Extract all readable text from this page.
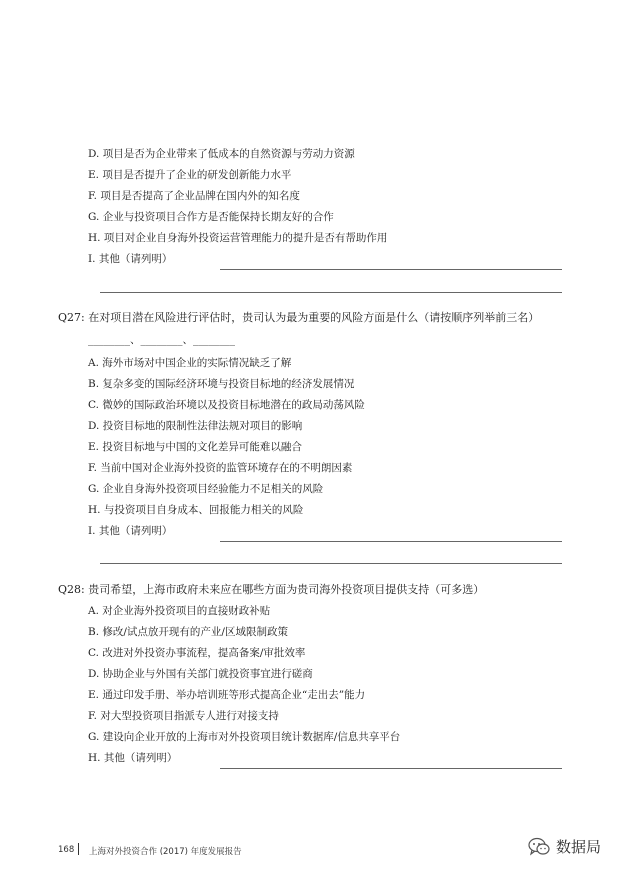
D. 项目是否为企业带来了低成本的自然资源与劳动力资源
E. 项目是否提升了企业的研发创新能力水平
F. 项目是否提高了企业品牌在国内外的知名度
G. 企业与投资项目合作方是否能保持长期友好的合作
H. 项目对企业自身海外投资运营管理能力的提升是否有帮助作用
I. 其他（请列明）
Q27: 在对项目潜在风险进行评估时，贵司认为最为重要的风险方面是什么（请按顺序列举前三名）
________、________、________
A. 海外市场对中国企业的实际情况缺乏了解
B. 复杂多变的国际经济环境与投资目标地的经济发展情况
C. 微妙的国际政治环境以及投资目标地潜在的政局动荡风险
D. 投资目标地的限制性法律法规对项目的影响
E. 投资目标地与中国的文化差异可能难以融合
F. 当前中国对企业海外投资的监管环境存在的不明朗因素
G. 企业自身海外投资项目经验能力不足相关的风险
H. 与投资项目自身成本、回报能力相关的风险
I. 其他（请列明）
Q28: 贵司希望，上海市政府未来应在哪些方面为贵司海外投资项目提供支持（可多选）
A. 对企业海外投资项目的直接财政补贴
B. 修改/试点放开现有的产业/区域限制政策
C. 改进对外投资办事流程，提高备案/审批效率
D. 协助企业与外国有关部门就投资事宜进行磋商
E. 通过印发手册、举办培训班等形式提高企业“走出去”能力
F. 对大型投资项目指派专人进行对接支持
G. 建设向企业开放的上海市对外投资项目统计数据库/信息共享平台
H. 其他（请列明）
168 上海对外投资合作 (2017) 年度发展报告	数据局
